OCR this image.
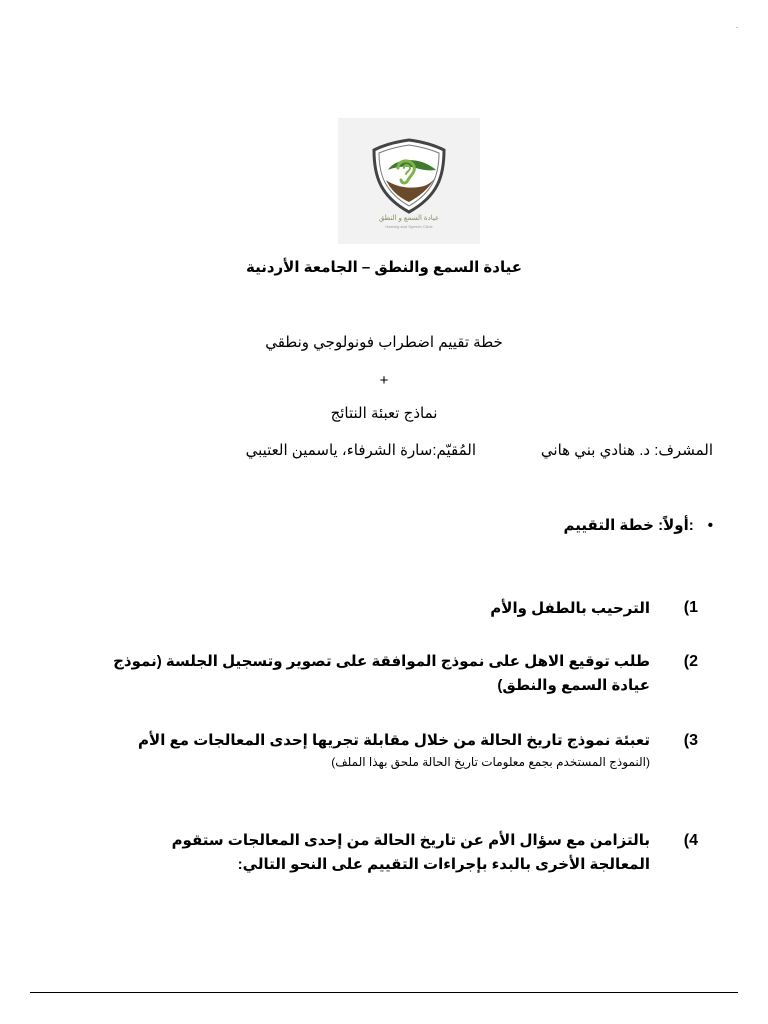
.
عيادة السمع و النطق
Hearing and Speech Clinic
عيادة السمع والنطق – الجامعة الأردنية
خطة تقييم اضطراب فونولوجي ونطقي
+
نماذج تعبئة النتائج
المشرف: د. هنادي بني هاني
المُقيّم:سارة الشرفاء، ياسمين العتيبي
•:أولاً: خطة التقييم
(1
الترحيب بالطفل والأم
(2
طلب توقيع الاهل على نموذج الموافقة على تصوير وتسجيل الجلسة (نموذج عيادة السمع والنطق)
(3
تعبئة نموذج تاريخ الحالة من خلال مقابلة تجريها إحدى المعالجات مع الأم
(النموذج المستخدم بجمع معلومات تاريخ الحالة ملحق بهذا الملف)
(4
بالتزامن مع سؤال الأم عن تاريخ الحالة من إحدى المعالجات ستقوم المعالجة الأخرى بالبدء بإجراءات التقييم على النحو التالي:
